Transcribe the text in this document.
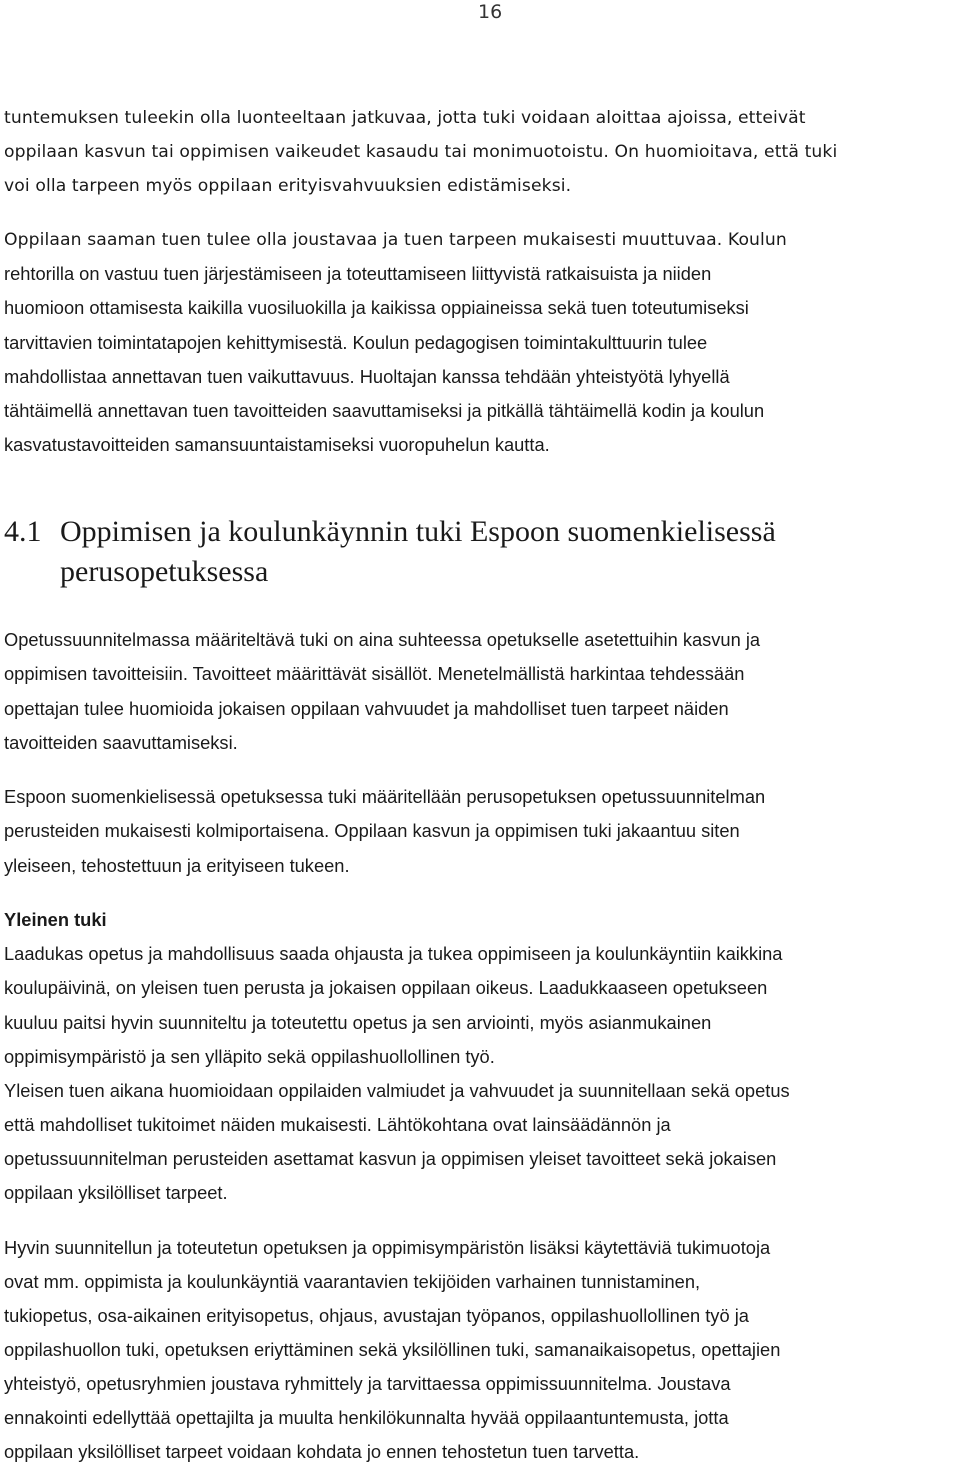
16
tuntemuksen tuleekin olla luonteeltaan jatkuvaa, jotta tuki voidaan aloittaa ajoissa, etteivät
oppilaan kasvun tai oppimisen vaikeudet kasaudu tai monimuotoistu. On huomioitava, että tuki
voi olla tarpeen myös oppilaan erityisvahvuuksien edistämiseksi.
Oppilaan saaman tuen tulee olla joustavaa ja tuen tarpeen mukaisesti muuttuvaa. Koulun
rehtorilla on vastuu tuen järjestämiseen ja toteuttamiseen liittyvistä ratkaisuista ja niiden
huomioon ottamisesta kaikilla vuosiluokilla ja kaikissa oppiaineissa sekä tuen toteutumiseksi
tarvittavien toimintatapojen kehittymisestä. Koulun pedagogisen toimintakulttuurin tulee
mahdollistaa annettavan tuen vaikuttavuus. Huoltajan kanssa tehdään yhteistyötä lyhyellä
tähtäimellä annettavan tuen tavoitteiden saavuttamiseksi ja pitkällä tähtäimellä kodin ja koulun
kasvatustavoitteiden samansuuntaistamiseksi vuoropuhelun kautta.
4.1 Oppimisen ja koulunkäynnin tuki Espoon suomenkielisessä
perusopetuksessa
Opetussuunnitelmassa määriteltävä tuki on aina suhteessa opetukselle asetettuihin kasvun ja
oppimisen tavoitteisiin. Tavoitteet määrittävät sisällöt. Menetelmällistä harkintaa tehdessään
opettajan tulee huomioida jokaisen oppilaan vahvuudet ja mahdolliset tuen tarpeet näiden
tavoitteiden saavuttamiseksi.
Espoon suomenkielisessä opetuksessa tuki määritellään perusopetuksen opetussuunnitelman
perusteiden mukaisesti kolmiportaisena. Oppilaan kasvun ja oppimisen tuki jakaantuu siten
yleiseen, tehostettuun ja erityiseen tukeen.
Yleinen tuki
Laadukas opetus ja mahdollisuus saada ohjausta ja tukea oppimiseen ja koulunkäyntiin kaikkina
koulupäivinä, on yleisen tuen perusta ja jokaisen oppilaan oikeus. Laadukkaaseen opetukseen
kuuluu paitsi hyvin suunniteltu ja toteutettu opetus ja sen arviointi, myös asianmukainen
oppimisympäristö ja sen ylläpito sekä oppilashuollollinen työ.
Yleisen tuen aikana huomioidaan oppilaiden valmiudet ja vahvuudet ja suunnitellaan sekä opetus
että mahdolliset tukitoimet näiden mukaisesti. Lähtökohtana ovat lainsäädännön ja
opetussuunnitelman perusteiden asettamat kasvun ja oppimisen yleiset tavoitteet sekä jokaisen
oppilaan yksilölliset tarpeet.
Hyvin suunnitellun ja toteutetun opetuksen ja oppimisympäristön lisäksi käytettäviä tukimuotoja
ovat mm. oppimista ja koulunkäyntiä vaarantavien tekijöiden varhainen tunnistaminen,
tukiopetus, osa-aikainen erityisopetus, ohjaus, avustajan työpanos, oppilashuollollinen työ ja
oppilashuollon tuki, opetuksen eriyttäminen sekä yksilöllinen tuki, samanaikaisopetus, opettajien
yhteistyö, opetusryhmien joustava ryhmittely ja tarvittaessa oppimissuunnitelma. Joustava
ennakointi edellyttää opettajilta ja muulta henkilökunnalta hyvää oppilaantuntemusta, jotta
oppilaan yksilölliset tarpeet voidaan kohdata jo ennen tehostetun tuen tarvetta.
